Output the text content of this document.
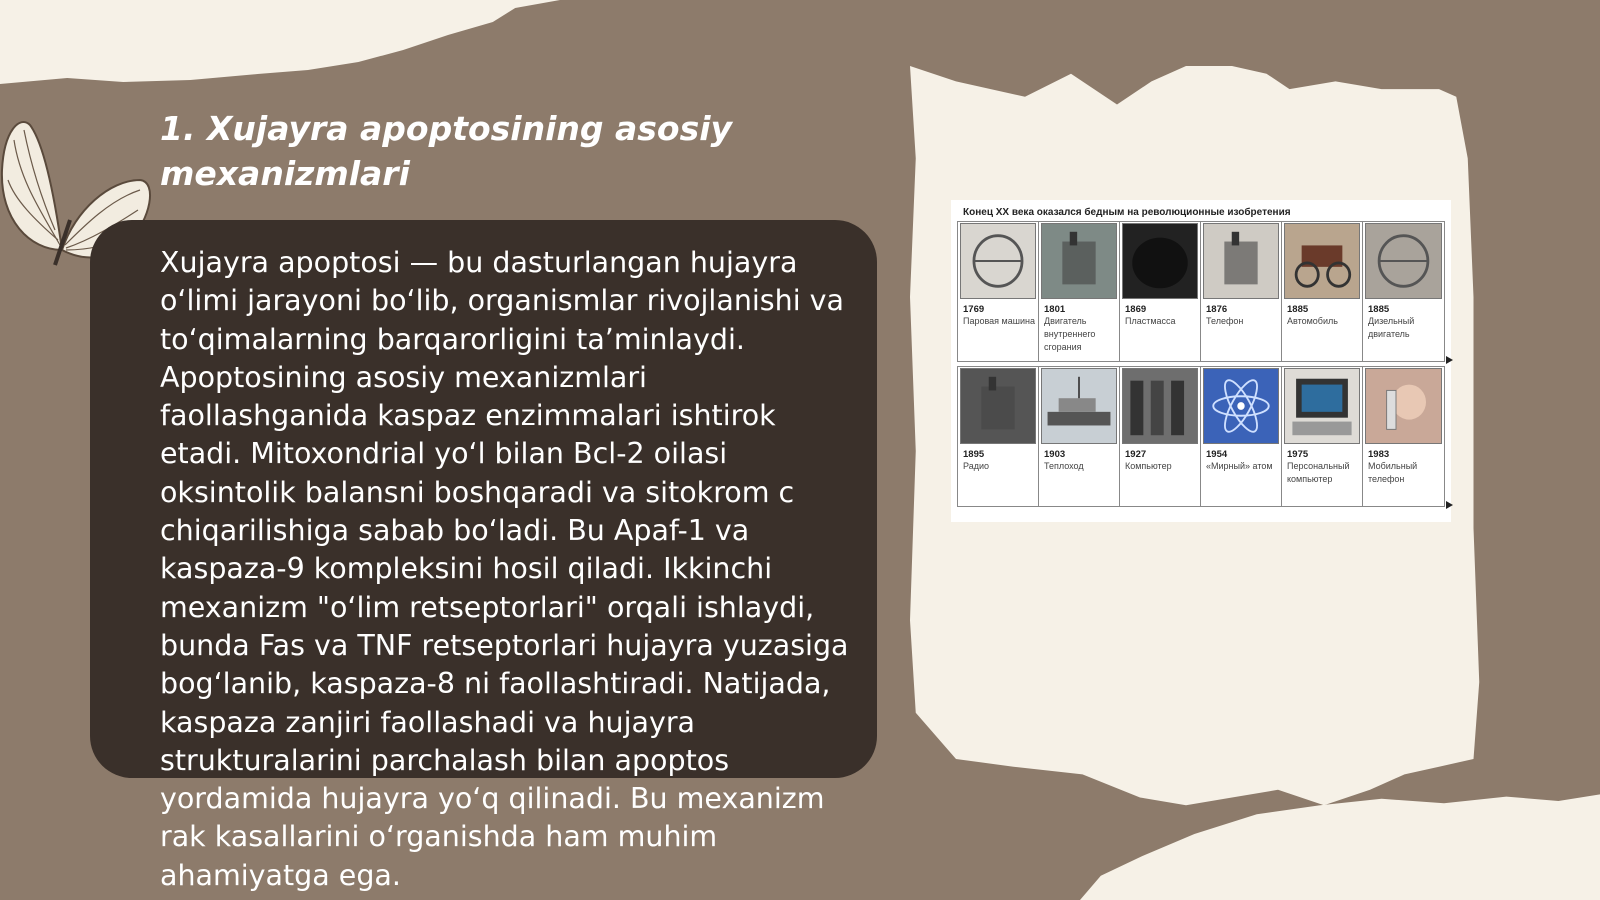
1. Xujayra apoptosining asosiy mexanizmlari
Xujayra apoptosi — bu dasturlangan hujayra oʻlimi jarayoni boʻlib, organismlar rivojlanishi va toʻqimalarning barqarorligini taʼminlaydi. Apoptosining asosiy mexanizmlari faollashganida kaspaz enzimmalari ishtirok etadi. Mitoxondrial yoʻl bilan Bcl-2 oilasi oksintolik balansni boshqaradi va sitokrom c chiqarilishiga sabab boʻladi. Bu Apaf-1 va kaspaza-9 kompleksini hosil qiladi. Ikkinchi mexanizm "oʻlim retseptorlari" orqali ishlaydi, bunda Fas va TNF retseptorlari hujayra yuzasiga bogʻlanib, kaspaza-8 ni faollashtiradi. Natijada, kaspaza zanjiri faollashadi va hujayra strukturalarini parchalash bilan apoptos yordamida hujayra yoʻq qilinadi. Bu mexanizm rak kasallarini oʻrganishda ham muhim ahamiyatga ega.
Конец XX века оказался бедным на революционные изобретения
1769
Паровая машина
1801
Двигатель внутреннего сгорания
1869
Пластмасса
1876
Телефон
1885
Автомобиль
1885
Дизельный двигатель
1895
Радио
1903
Теплоход
1927
Компьютер
1954
«Мирный» атом
1975
Персональный компьютер
1983
Мобильный телефон
